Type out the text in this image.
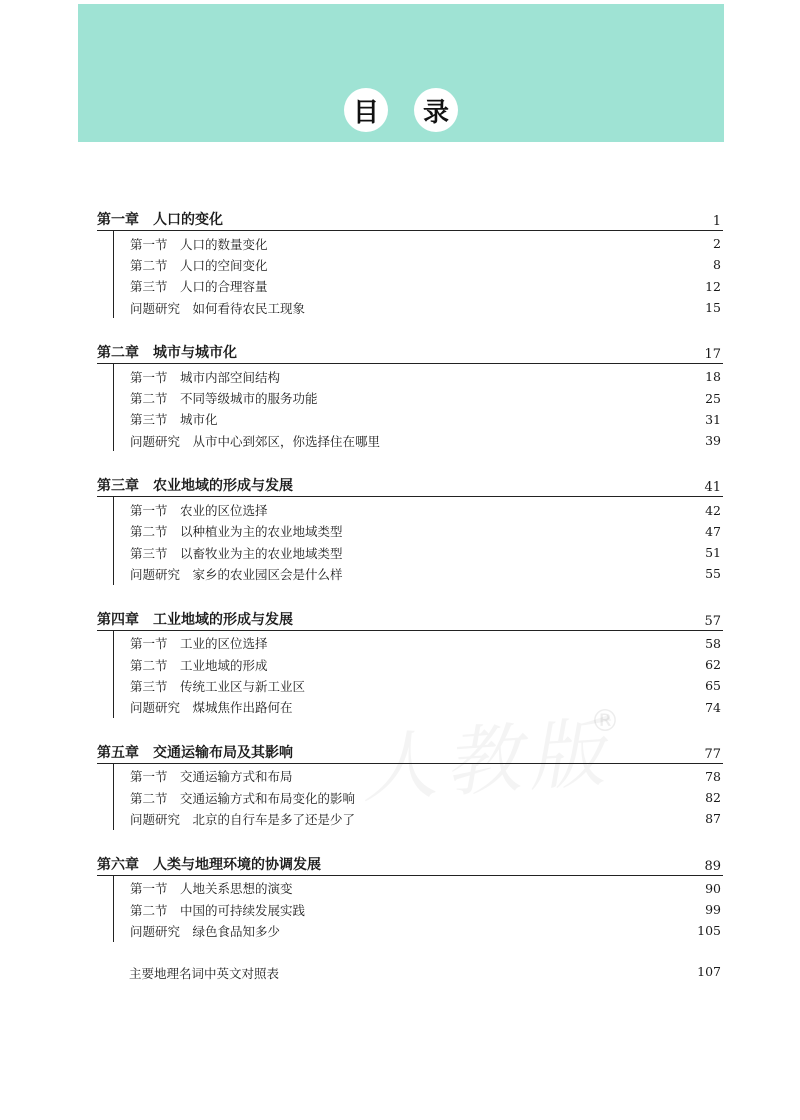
目	录
®
第一章　人口的变化	1
第一节　人口的数量变化	2
第二节　人口的空间变化	8
第三节　人口的合理容量	12
问题研究　如何看待农民工现象	15
第二章　城市与城市化	17
第一节　城市内部空间结构	18
第二节　不同等级城市的服务功能	25
第三节　城市化	31
问题研究　从市中心到郊区，你选择住在哪里	39
第三章　农业地域的形成与发展	41
第一节　农业的区位选择	42
第二节　以种植业为主的农业地域类型	47
第三节　以畜牧业为主的农业地域类型	51
问题研究　家乡的农业园区会是什么样	55
第四章　工业地域的形成与发展	57
第一节　工业的区位选择	58
第二节　工业地域的形成	62
第三节　传统工业区与新工业区	65
问题研究　煤城焦作出路何在	74
第五章　交通运输布局及其影响	77
第一节　交通运输方式和布局	78
第二节　交通运输方式和布局变化的影响	82
问题研究　北京的自行车是多了还是少了	87
第六章　人类与地理环境的协调发展	89
第一节　人地关系思想的演变	90
第二节　中国的可持续发展实践	99
问题研究　绿色食品知多少	105
主要地理名词中英文对照表	107
